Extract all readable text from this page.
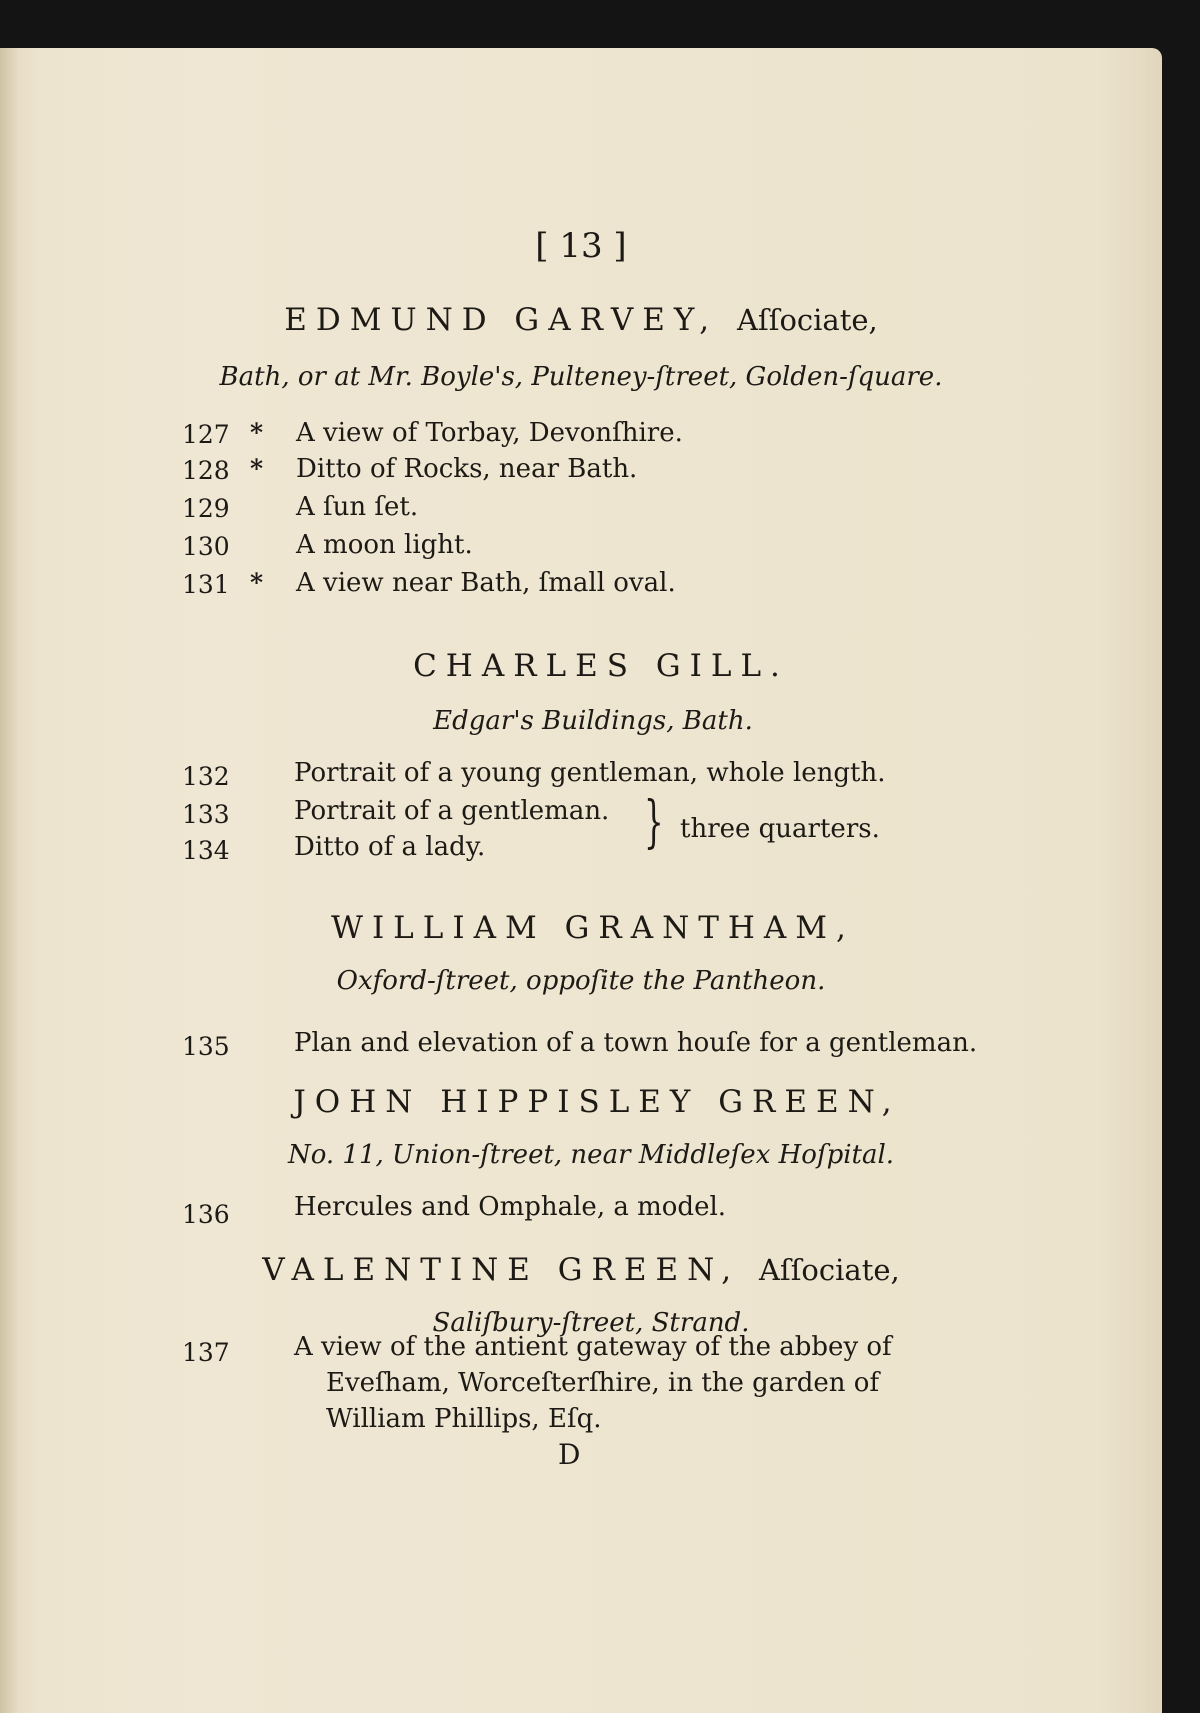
[ 13 ]
EDMUND GARVEY, Aſſociate,
Bath, or at Mr. Boyle's, Pulteney-ſtreet, Golden-ſquare.
127 * A view of Torbay, Devonſhire.
128 * Ditto of Rocks, near Bath.
129	A ſun ſet.
130	A moon light.
131 * A view near Bath, ſmall oval.
CHARLES GILL.
Edgar's Buildings, Bath.
132 Portrait of a young gentleman, whole length.
133 Portrait of a gentleman.
134 Ditto of a lady.	} three quarters.
WILLIAM GRANTHAM,
Oxford-ſtreet, oppoſite the Pantheon.
135 Plan and elevation of a town houſe for a gentleman.
JOHN HIPPISLEY GREEN,
No. 11, Union-ſtreet, near Middleſex Hoſpital.
136 Hercules and Omphale, a model.
VALENTINE GREEN, Aſſociate,
Saliſbury-ſtreet, Strand.
137 A view of the antient gateway of the abbey of
Eveſham, Worceſterſhire, in the garden of
William Phillips, Eſq.
D
